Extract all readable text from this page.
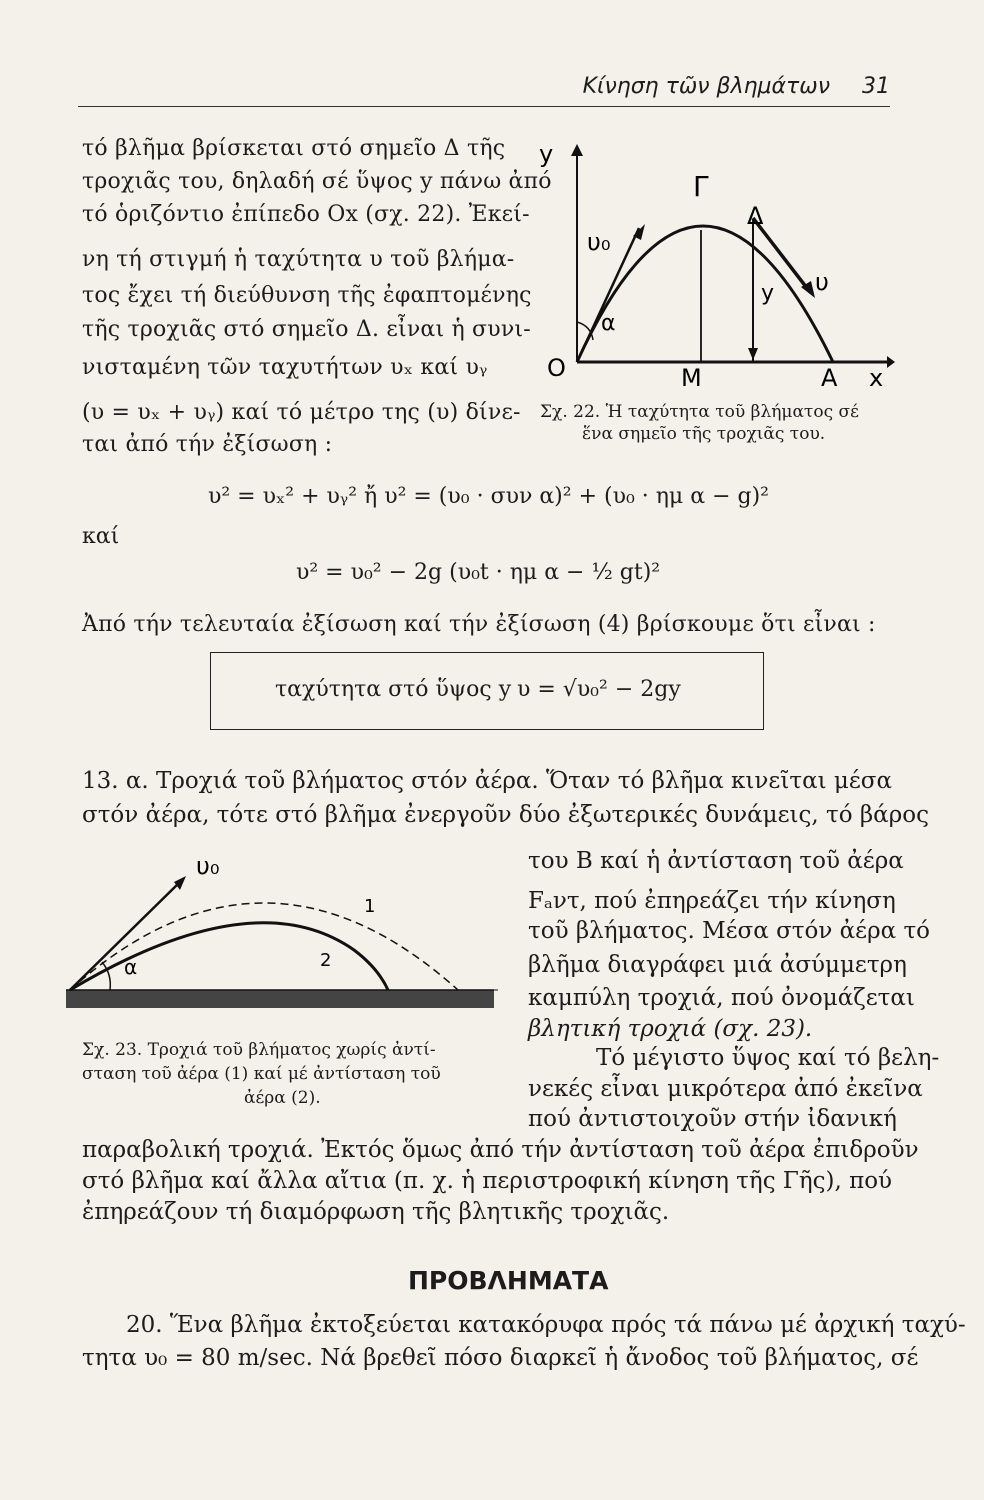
Κίνηση τῶν βλημάτων 31
τό βλῆμα βρίσκεται στό σημεῖο Δ τῆς
τροχιᾶς του, δηλαδή σέ ὕψος y πάνω ἀπό
τό ὁριζόντιο ἐπίπεδο Ox (σχ. 22). Ἐκεί-
νη τή στιγμή ἡ ταχύτητα υ τοῦ βλήμα-
τος ἔχει τή διεύθυνση τῆς ἐφαπτομένης
τῆς τροχιᾶς στό σημεῖο Δ. εἶναι ἡ συνι-
νισταμένη τῶν ταχυτήτων υₓ καί υᵧ
(υ = υₓ + υᵧ) καί τό μέτρο της (υ) δίνε-
ται ἀπό τήν ἐξίσωση :
y
x
O
Γ
Δ
M	A
υ₀
υ
y
α
Σχ. 22. Ἡ ταχύτητα τοῦ βλήματος σέ
ἕνα σημεῖο τῆς τροχιᾶς του.
υ² = υₓ² + υᵧ² ἤ υ² = (υ₀ · συν α)² + (υ₀ · ημ α − g)²
καί
υ² = υ₀² − 2g (υ₀t · ημ α − ½ gt)²
Ἀπό τήν τελευταία ἐξίσωση καί τήν ἐξίσωση (4) βρίσκουμε ὅτι εἶναι :
ταχύτητα στό ὕψος y υ = √υ₀² − 2gy
13. α. Τροχιά τοῦ βλήματος στόν ἀέρα. Ὅταν τό βλῆμα κινεῖται μέσα
στόν ἀέρα, τότε στό βλῆμα ἐνεργοῦν δύο ἐξωτερικές δυνάμεις, τό βάρος
του B καί ἡ ἀντίσταση τοῦ ἀέρα
Fₐντ, πού ἐπηρεάζει τήν κίνηση
τοῦ βλήματος. Μέσα στόν ἀέρα τό
βλῆμα διαγράφει μιά ἀσύμμετρη
καμπύλη τροχιά, πού ὀνομάζεται
βλητική τροχιά (σχ. 23).
Τό μέγιστο ὕψος καί τό βελη-
νεκές εἶναι μικρότερα ἀπό ἐκεῖνα
πού ἀντιστοιχοῦν στήν ἰδανική
υ₀
α
1
2
Σχ. 23. Τροχιά τοῦ βλήματος χωρίς ἀντί-
σταση τοῦ ἀέρα (1) καί μέ ἀντίσταση τοῦ
ἀέρα (2).
παραβολική τροχιά. Ἐκτός ὅμως ἀπό τήν ἀντίσταση τοῦ ἀέρα ἐπιδροῦν
στό βλῆμα καί ἄλλα αἴτια (π. χ. ἡ περιστροφική κίνηση τῆς Γῆς), πού
ἐπηρεάζουν τή διαμόρφωση τῆς βλητικῆς τροχιᾶς.
ΠΡΟΒΛΗΜΑΤΑ
20. Ἕνα βλῆμα ἐκτοξεύεται κατακόρυφα πρός τά πάνω μέ ἀρχική ταχύ-
τητα υ₀ = 80 m/sec. Νά βρεθεῖ πόσο διαρκεῖ ἡ ἄνοδος τοῦ βλήματος, σέ
